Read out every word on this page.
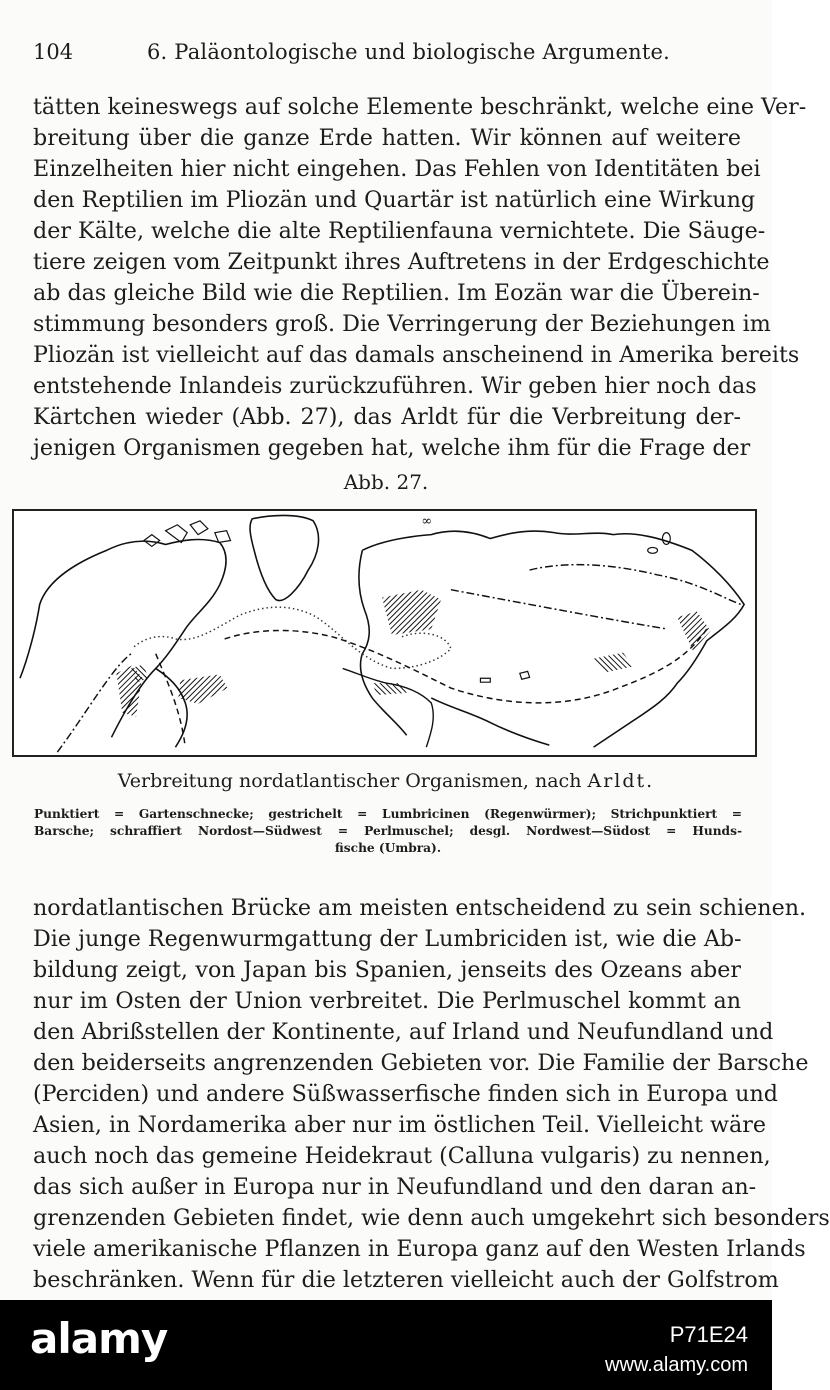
104	6. Paläontologische und biologische Argumente.
tätten keineswegs auf solche Elemente beschränkt, welche eine Ver-
breitung über die ganze Erde hatten. Wir können auf weitere
Einzelheiten hier nicht eingehen. Das Fehlen von Identitäten bei
den Reptilien im Pliozän und Quartär ist natürlich eine Wirkung
der Kälte, welche die alte Reptilienfauna vernichtete. Die Säuge-
tiere zeigen vom Zeitpunkt ihres Auftretens in der Erdgeschichte
ab das gleiche Bild wie die Reptilien. Im Eozän war die Überein-
stimmung besonders groß. Die Verringerung der Beziehungen im
Pliozän ist vielleicht auf das damals anscheinend in Amerika bereits
entstehende Inlandeis zurückzuführen. Wir geben hier noch das
Kärtchen wieder (Abb. 27), das Arldt für die Verbreitung der-
jenigen Organismen gegeben hat, welche ihm für die Frage der
Abb. 27.
∞
Verbreitung nordatlantischer Organismen, nach Arldt.
Punktiert = Gartenschnecke; gestrichelt = Lumbricinen (Regenwürmer); Strichpunktiert =
Barsche; schraffiert Nordost—Südwest = Perlmuschel; desgl. Nordwest—Südost = Hunds-
fische (Umbra).
nordatlantischen Brücke am meisten entscheidend zu sein schienen.
Die junge Regenwurmgattung der Lumbriciden ist, wie die Ab-
bildung zeigt, von Japan bis Spanien, jenseits des Ozeans aber
nur im Osten der Union verbreitet. Die Perlmuschel kommt an
den Abrißstellen der Kontinente, auf Irland und Neufundland und
den beiderseits angrenzenden Gebieten vor. Die Familie der Barsche
(Perciden) und andere Süßwasserfische finden sich in Europa und
Asien, in Nordamerika aber nur im östlichen Teil. Vielleicht wäre
auch noch das gemeine Heidekraut (Calluna vulgaris) zu nennen,
das sich außer in Europa nur in Neufundland und den daran an-
grenzenden Gebieten findet, wie denn auch umgekehrt sich besonders
viele amerikanische Pflanzen in Europa ganz auf den Westen Irlands
beschränken. Wenn für die letzteren vielleicht auch der Golfstrom
alamy	P71E24
www.alamy.com
